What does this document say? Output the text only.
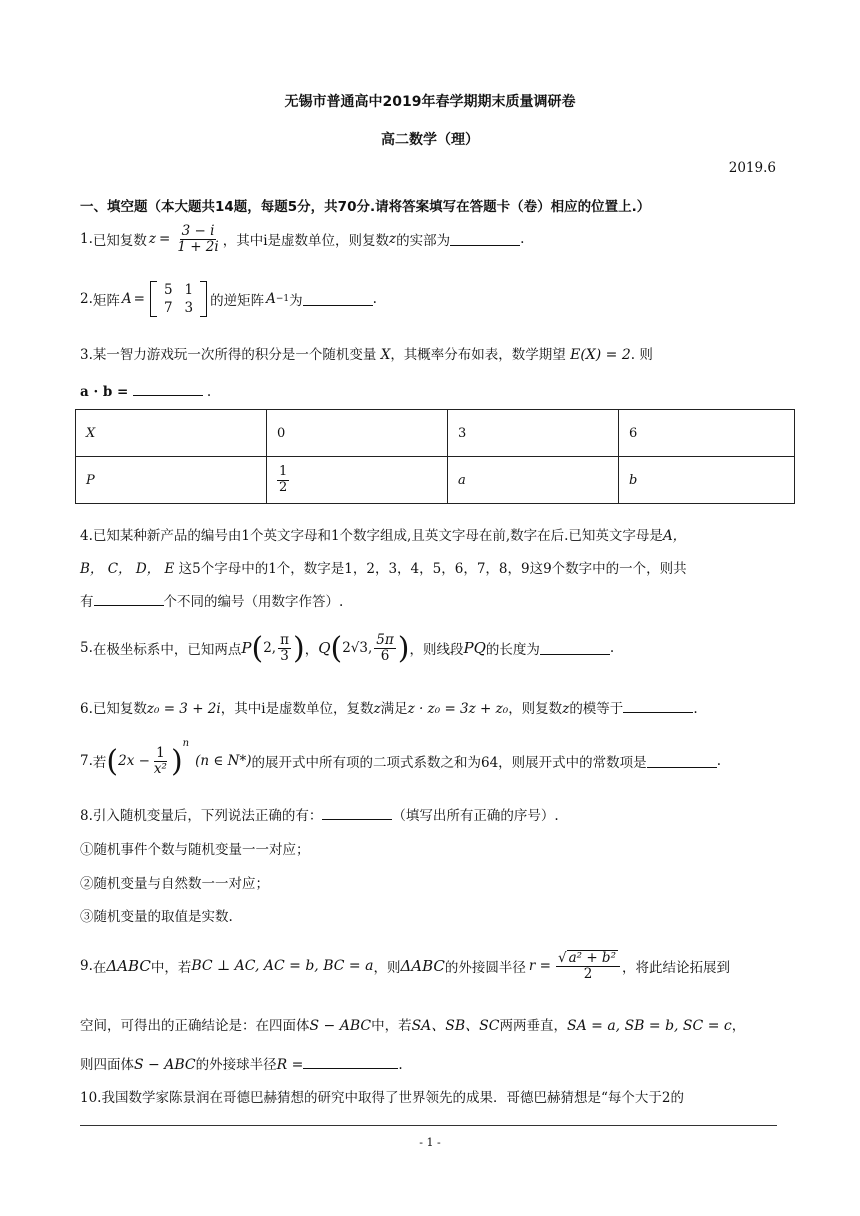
无锡市普通高中2019年春学期期末质量调研卷
高二数学（理）
2019.6
一、填空题（本大题共14题，每题5分，共70分.请将答案填写在答题卡（卷）相应的位置上.）
1. 已知复数 $z = \frac{3 - i}{1 + 2i}$ ，其中i是虚数单位，则复数 z 的实部为	.
2. 矩阵 A =
5	1
7	3 的逆矩阵 A −1 为	.
3.某一智力游戏玩一次所得的积分是一个随机变量 X，其概率分布如表，数学期望 E(X) = 2. 则
a · b =	.
X	0	3	6
P	$\frac{1}{2}$	a	b
4.已知某种新产品的编号由1个英文字母和1个数字组成,且英文字母在前,数字在后.已知英文字母是A，
B， C， D， E 这5个字母中的1个，数字是1，2，3，4，5，6，7，8，9这9个数字中的一个，则共
有	个不同的编号（用数字作答）.
5. 在极坐标系中，已知两点 P ( 2, $\frac{\pi}{3}$ ) ， Q ( 2√3, $\frac{5\pi}{6}$ ) ，则线段 PQ 的长度为	.
6.已知复数z₀ = 3 + 2i，其中i是虚数单位，复数z满足z · z₀ = 3z + z₀，则复数z的模等于	.
7. 若 ( $2x - \frac{1}{\text{x²}} )^n$
(n ∈ N*) 的展开式中所有项的二项式系数之和为64，则展开式中的常数项是	.
8.引入随机变量后，下列说法正确的有：	（填写出所有正确的序号）.
①随机事件个数与随机变量一一对应；
②随机变量与自然数一一对应；
③随机变量的取值是实数.
9. 在 ΔABC 中，若 BC ⊥ AC, AC = b, BC = a ，则 ΔABC 的外接圆半径 $r = \frac{\text{√ a² + b²}}{2}$ ，将此结论拓展到
空间，可得出的正确结论是：在四面体S − ABC中，若SA、SB、SC两两垂直，SA = a, SB = b, SC = c，
则四面体S − ABC的外接球半径R =	.
10.我国数学家陈景润在哥德巴赫猜想的研究中取得了世界领先的成果．哥德巴赫猜想是“每个大于2的
- 1 -
